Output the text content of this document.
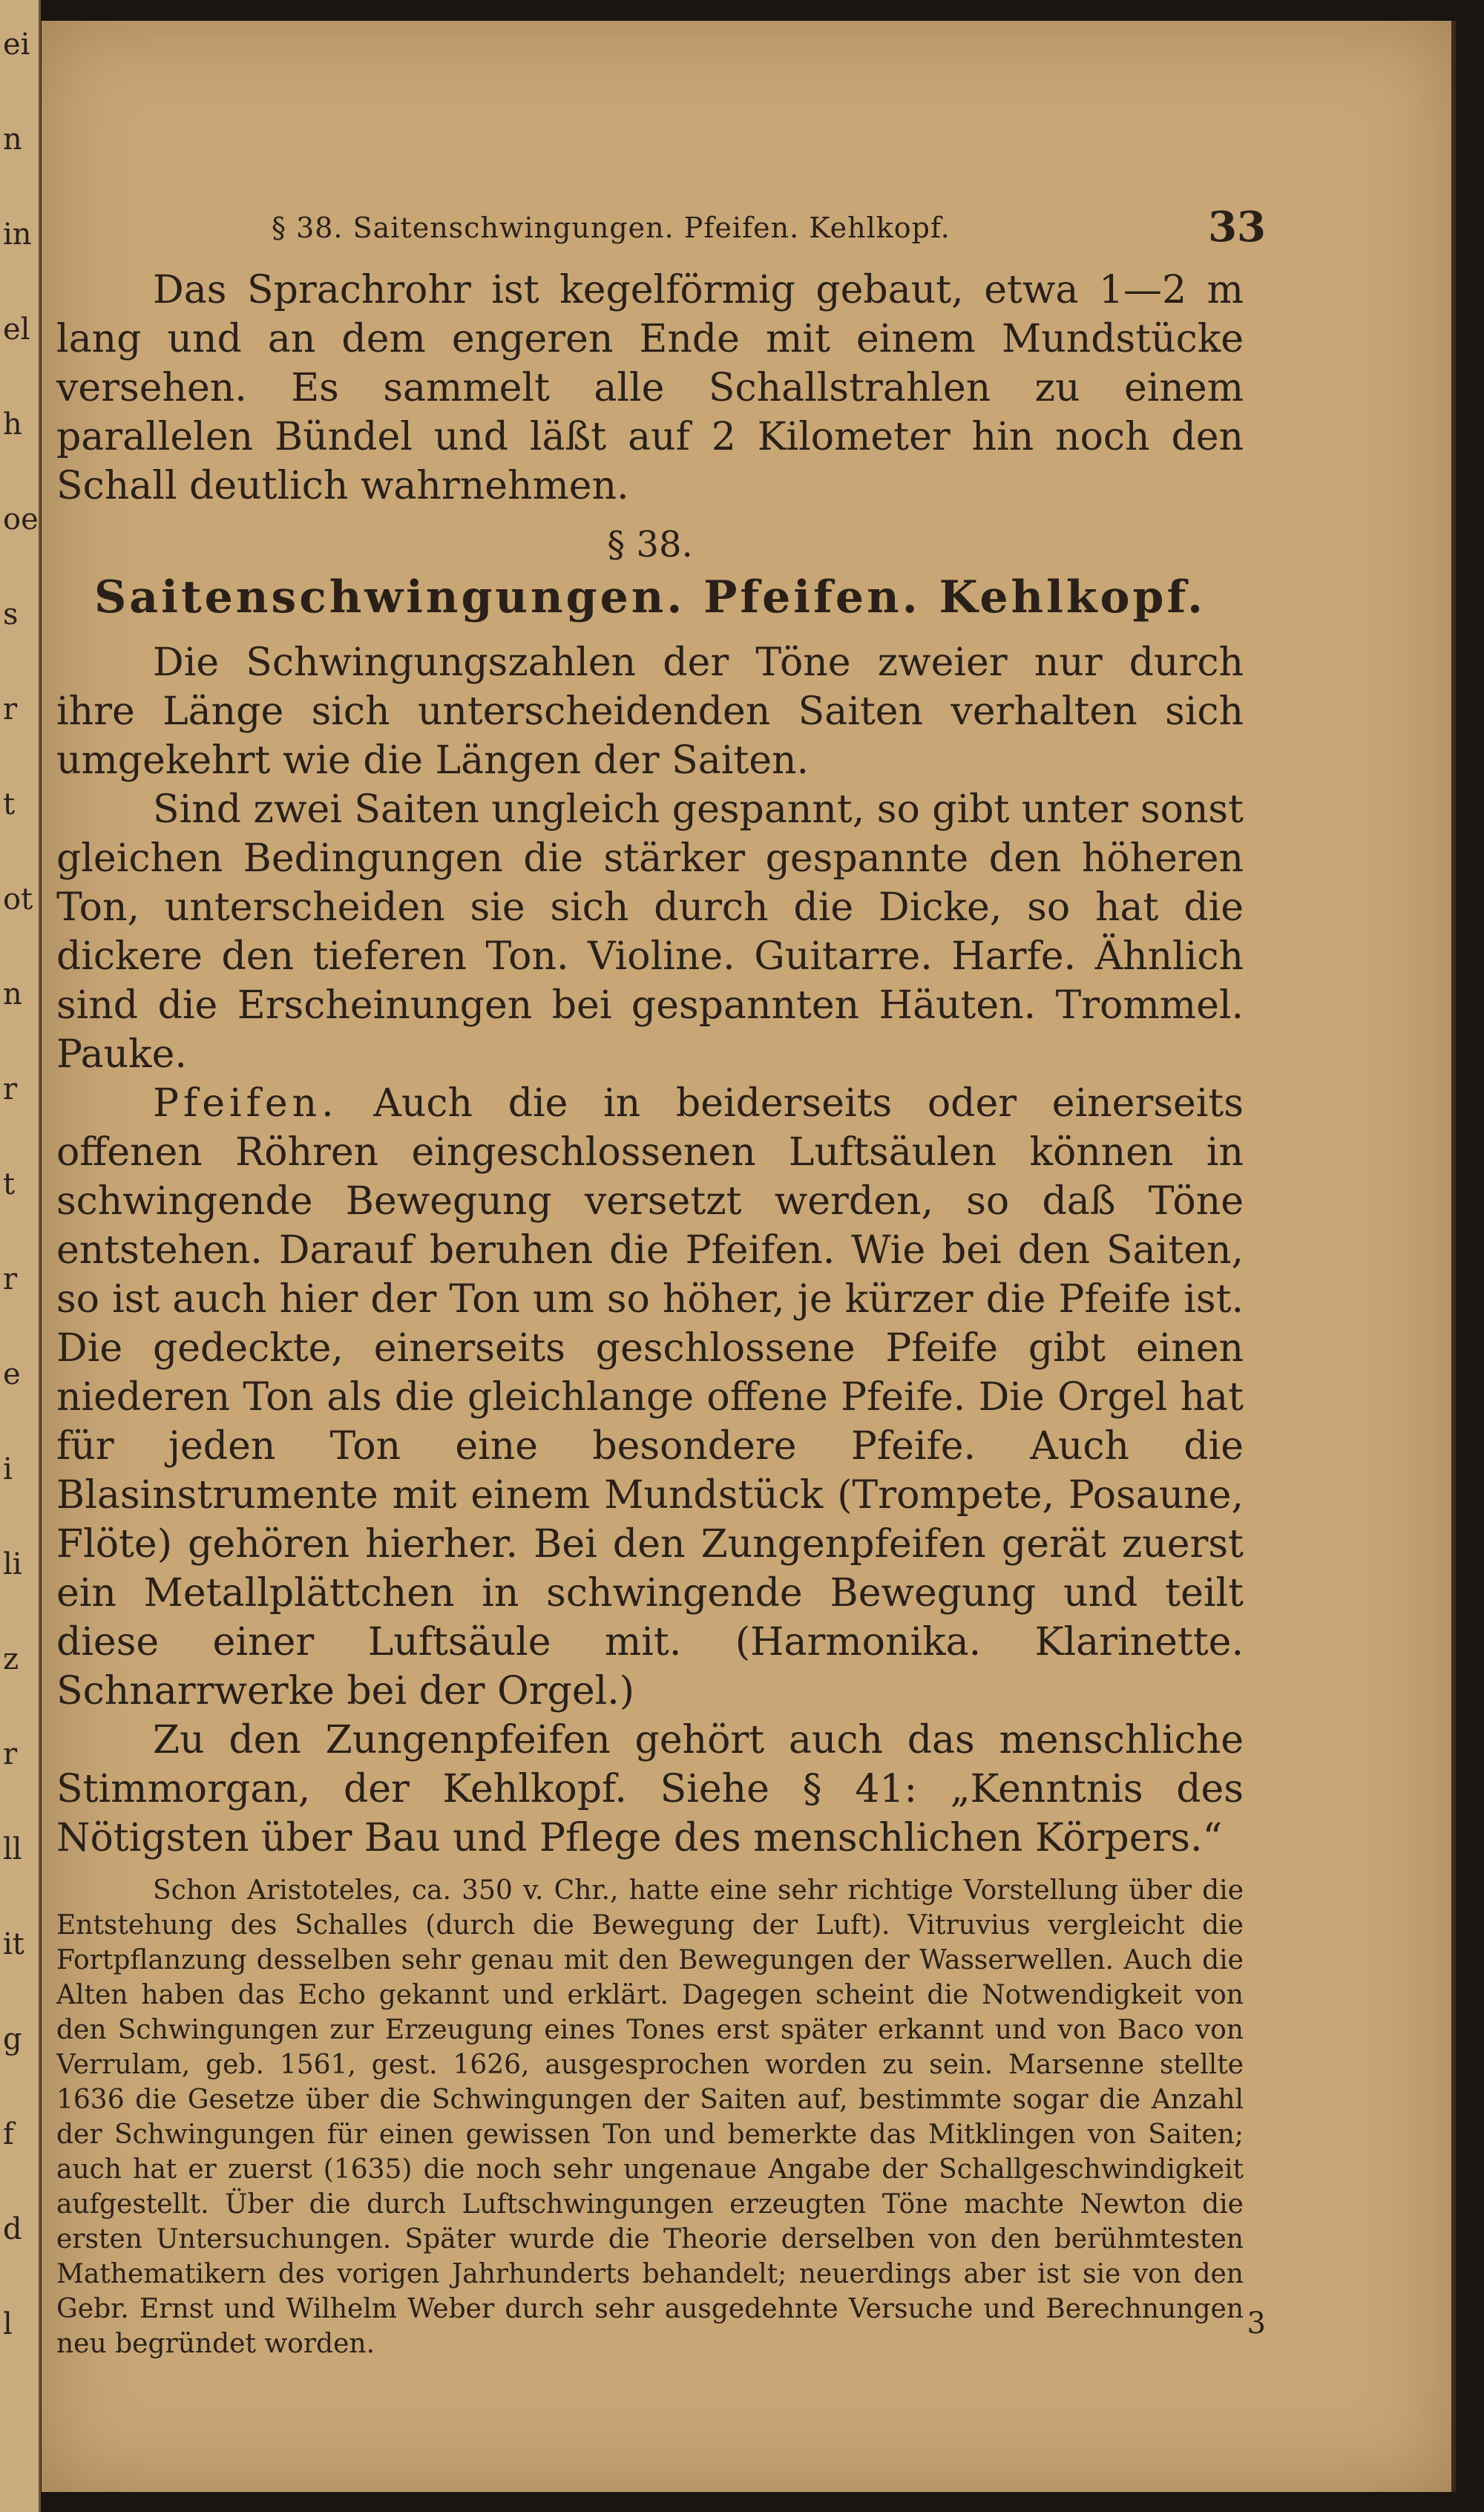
ei
n
in
el
h
oe
s
r
t
ot
n
r
t
r
e
i
li
z
r
ll
it
g
f
d
l
§ 38. Saitenschwingungen. Pfeifen. Kehlkopf.	33

Das Sprachrohr ist kegelförmig gebaut, etwa 1—2 m lang und an dem engeren Ende mit einem Mundstücke versehen. Es sammelt alle Schallstrahlen zu einem parallelen Bündel und läßt auf 2 Kilometer hin noch den Schall deutlich wahrnehmen.

§ 38.
Saitenschwingungen. Pfeifen. Kehlkopf.

Die Schwingungszahlen der Töne zweier nur durch ihre Länge sich unterscheidenden Saiten verhalten sich umgekehrt wie die Längen der Saiten.

Sind zwei Saiten ungleich gespannt, so gibt unter sonst gleichen Bedingungen die stärker gespannte den höheren Ton, unterscheiden sie sich durch die Dicke, so hat die dickere den tieferen Ton. Violine. Guitarre. Harfe. Ähnlich sind die Erscheinungen bei gespannten Häuten. Trommel. Pauke.

Pfeifen. Auch die in beiderseits oder einerseits offenen Röhren eingeschlossenen Luftsäulen können in schwingende Bewegung versetzt werden, so daß Töne entstehen. Darauf beruhen die Pfeifen. Wie bei den Saiten, so ist auch hier der Ton um so höher, je kürzer die Pfeife ist. Die gedeckte, einerseits geschlossene Pfeife gibt einen niederen Ton als die gleichlange offene Pfeife. Die Orgel hat für jeden Ton eine besondere Pfeife. Auch die Blasinstrumente mit einem Mundstück (Trompete, Posaune, Flöte) gehören hierher. Bei den Zungenpfeifen gerät zuerst ein Metallplättchen in schwingende Bewegung und teilt diese einer Luftsäule mit. (Harmonika. Klarinette. Schnarrwerke bei der Orgel.)

Zu den Zungenpfeifen gehört auch das menschliche Stimmorgan, der Kehlkopf. Siehe § 41: „Kenntnis des Nötigsten über Bau und Pflege des menschlichen Körpers.“

Schon Aristoteles, ca. 350 v. Chr., hatte eine sehr richtige Vorstellung über die Entstehung des Schalles (durch die Bewegung der Luft). Vitruvius vergleicht die Fortpflanzung desselben sehr genau mit den Bewegungen der Wasserwellen. Auch die Alten haben das Echo gekannt und erklärt. Dagegen scheint die Notwendigkeit von den Schwingungen zur Erzeugung eines Tones erst später erkannt und von Baco von Verrulam, geb. 1561, gest. 1626, ausgesprochen worden zu sein. Marsenne stellte 1636 die Gesetze über die Schwingungen der Saiten auf, bestimmte sogar die Anzahl der Schwingungen für einen gewissen Ton und bemerkte das Mitklingen von Saiten; auch hat er zuerst (1635) die noch sehr ungenaue Angabe der Schallgeschwindigkeit aufgestellt. Über die durch Luftschwingungen erzeugten Töne machte Newton die ersten Untersuchungen. Später wurde die Theorie derselben von den berühmtesten Mathematikern des vorigen Jahrhunderts behandelt; neuerdings aber ist sie von den Gebr. Ernst und Wilhelm Weber durch sehr ausgedehnte Versuche und Berechnungen neu begründet worden.

3
